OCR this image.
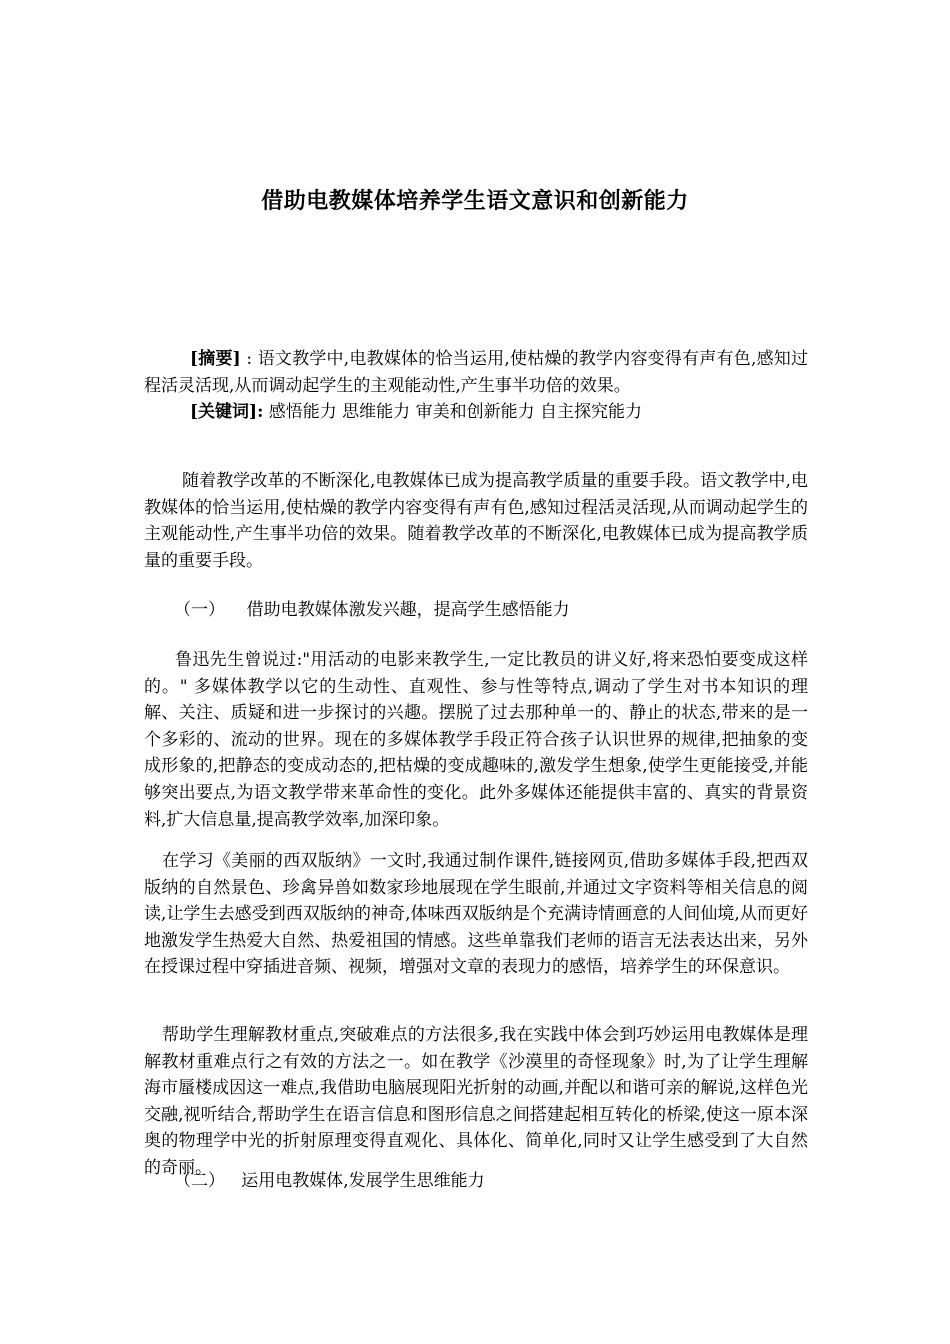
借助电教媒体培养学生语文意识和创新能力

[摘要] : 语文教学中,电教媒体的恰当运用,使枯燥的教学内容变得有声有色,感知过程活灵活现,从而调动起学生的主观能动性,产生事半功倍的效果。

[关键词]: 感悟能力 思维能力 审美和创新能力 自主探究能力

随着教学改革的不断深化,电教媒体已成为提高教学质量的重要手段。语文教学中,电教媒体的恰当运用,使枯燥的教学内容变得有声有色,感知过程活灵活现,从而调动起学生的主观能动性,产生事半功倍的效果。随着教学改革的不断深化,电教媒体已成为提高教学质量的重要手段。

（一）    借助电教媒体激发兴趣，提高学生感悟能力

鲁迅先生曾说过:"用活动的电影来教学生,一定比教员的讲义好,将来恐怕要变成这样的。" 多媒体教学以它的生动性、直观性、参与性等特点,调动了学生对书本知识的理解、关注、质疑和进一步探讨的兴趣。摆脱了过去那种单一的、静止的状态,带来的是一个多彩的、流动的世界。现在的多媒体教学手段正符合孩子认识世界的规律,把抽象的变成形象的,把静态的变成动态的,把枯燥的变成趣味的,激发学生想象,使学生更能接受,并能够突出要点,为语文教学带来革命性的变化。此外多媒体还能提供丰富的、真实的背景资料,扩大信息量,提高教学效率,加深印象。

在学习《美丽的西双版纳》一文时,我通过制作课件,链接网页,借助多媒体手段,把西双版纳的自然景色、珍禽异兽如数家珍地展现在学生眼前,并通过文字资料等相关信息的阅读,让学生去感受到西双版纳的神奇,体味西双版纳是个充满诗情画意的人间仙境,从而更好地激发学生热爱大自然、热爱祖国的情感。这些单靠我们老师的语言无法表达出来，另外在授课过程中穿插进音频、视频，增强对文章的表现力的感悟，培养学生的环保意识。

帮助学生理解教材重点,突破难点的方法很多,我在实践中体会到巧妙运用电教媒体是理解教材重难点行之有效的方法之一。如在教学《沙漠里的奇怪现象》时,为了让学生理解海市蜃楼成因这一难点,我借助电脑展现阳光折射的动画,并配以和谐可亲的解说,这样色光交融,视听结合,帮助学生在语言信息和图形信息之间搭建起相互转化的桥梁,使这一原本深奥的物理学中光的折射原理变得直观化、具体化、简单化,同时又让学生感受到了大自然的奇丽。

（二）   运用电教媒体,发展学生思维能力
